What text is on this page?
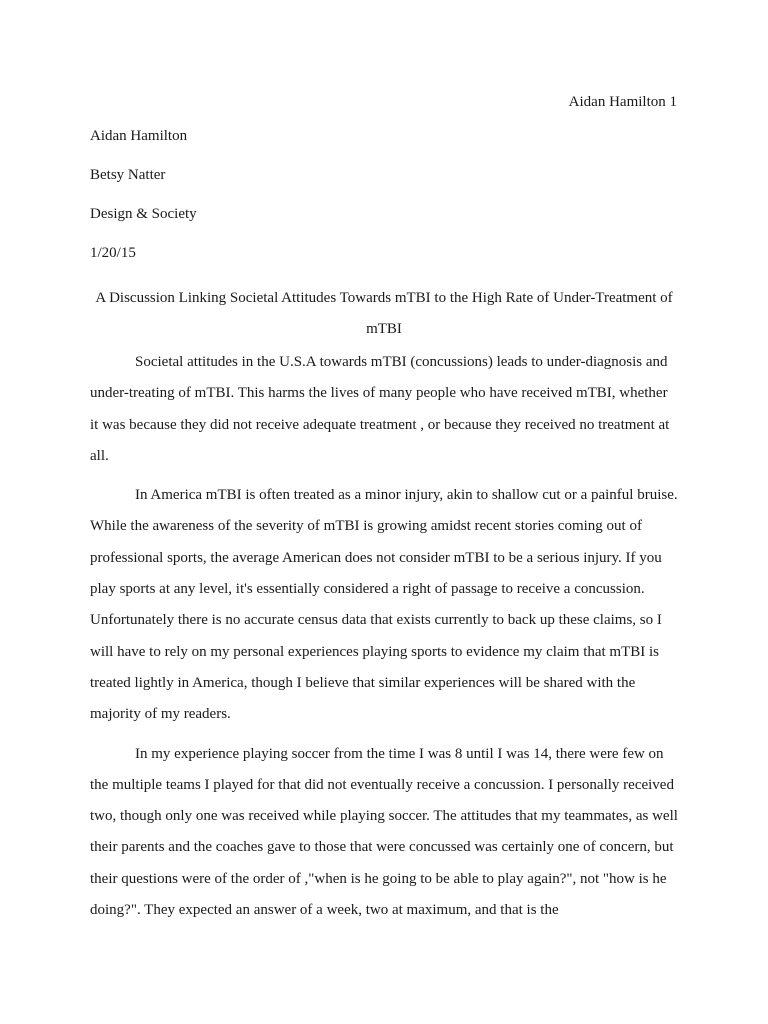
Aidan Hamilton 1
Aidan Hamilton
Betsy Natter
Design & Society
1/20/15
A Discussion Linking Societal Attitudes Towards mTBI to the High Rate of Under-Treatment of mTBI

Societal attitudes in the U.S.A towards mTBI (concussions) leads to under-diagnosis and under-treating of mTBI. This harms the lives of many people who have received mTBI, whether it was because they did not receive adequate treatment , or because they received no treatment at all.

In America mTBI is often treated as a minor injury, akin to shallow cut or a painful bruise. While the awareness of the severity of mTBI is growing amidst recent stories coming out of professional sports, the average American does not consider mTBI to be a serious injury. If you play sports at any level, it's essentially considered a right of passage to receive a concussion. Unfortunately there is no accurate census data that exists currently to back up these claims, so I will have to rely on my personal experiences playing sports to evidence my claim that mTBI is treated lightly in America, though I believe that similar experiences will be shared with the majority of my readers.

In my experience playing soccer from the time I was 8 until I was 14, there were few on the multiple teams I played for that did not eventually receive a concussion. I personally received two, though only one was received while playing soccer. The attitudes that my teammates, as well their parents and the coaches gave to those that were concussed was certainly one of concern, but their questions were of the order of ,"when is he going to be able to play again?", not "how is he doing?". They expected an answer of a week, two at maximum, and that is the
